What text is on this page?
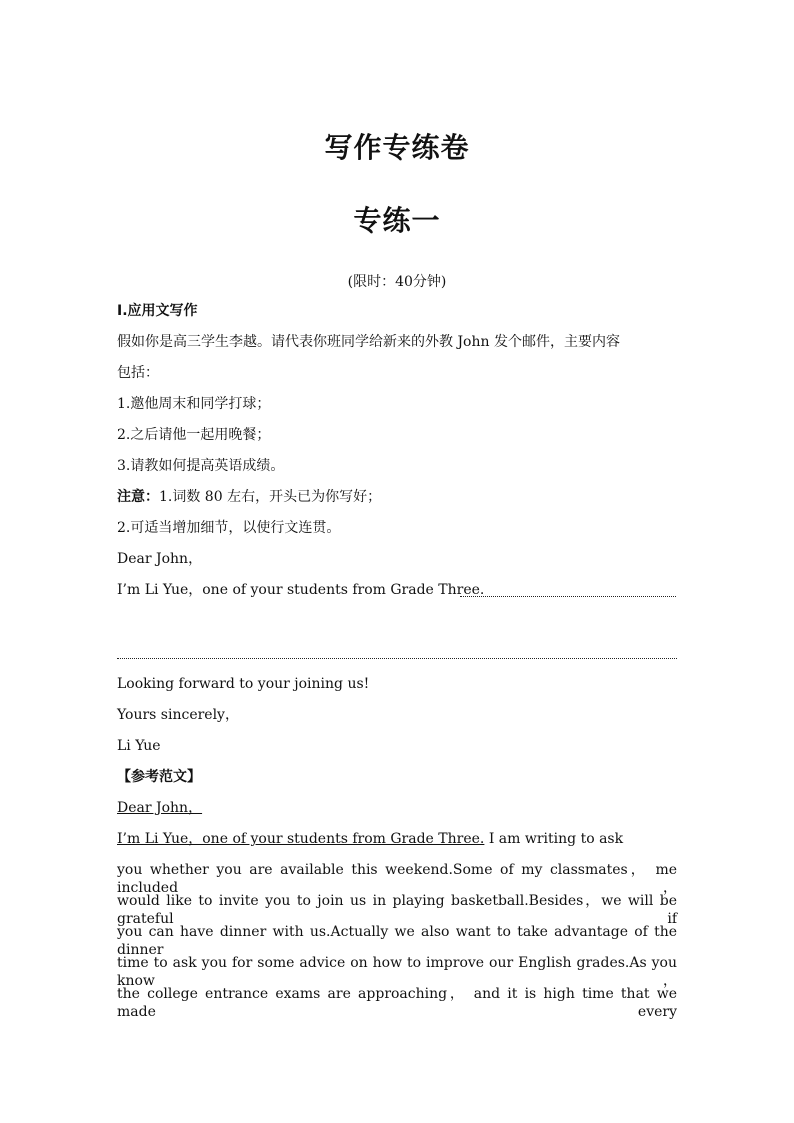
写作专练卷
专练一
(限时：40分钟)
Ⅰ.应用文写作
假如你是高三学生李越。请代表你班同学给新来的外教 John 发个邮件，主要内容
包括：
1.邀他周末和同学打球；
2.之后请他一起用晚餐；
3.请教如何提高英语成绩。
注意：1.词数 80 左右，开头已为你写好；
2.可适当增加细节，以使行文连贯。
Dear John，
I’m Li Yue，one of your students from Grade Three.
Looking forward to your joining us!
Yours sincerely，
Li Yue
【参考范文】
Dear John，
I’m Li Yue，one of your students from Grade Three. I am writing to ask
you whether you are available this weekend.Some of my classmates， me included，
would like to invite you to join us in playing basketball.Besides，we will be grateful if
you can have dinner with us.Actually we also want to take advantage of the dinner
time to ask you for some advice on how to improve our English grades.As you know，
the college entrance exams are approaching， and it is high time that we made every
